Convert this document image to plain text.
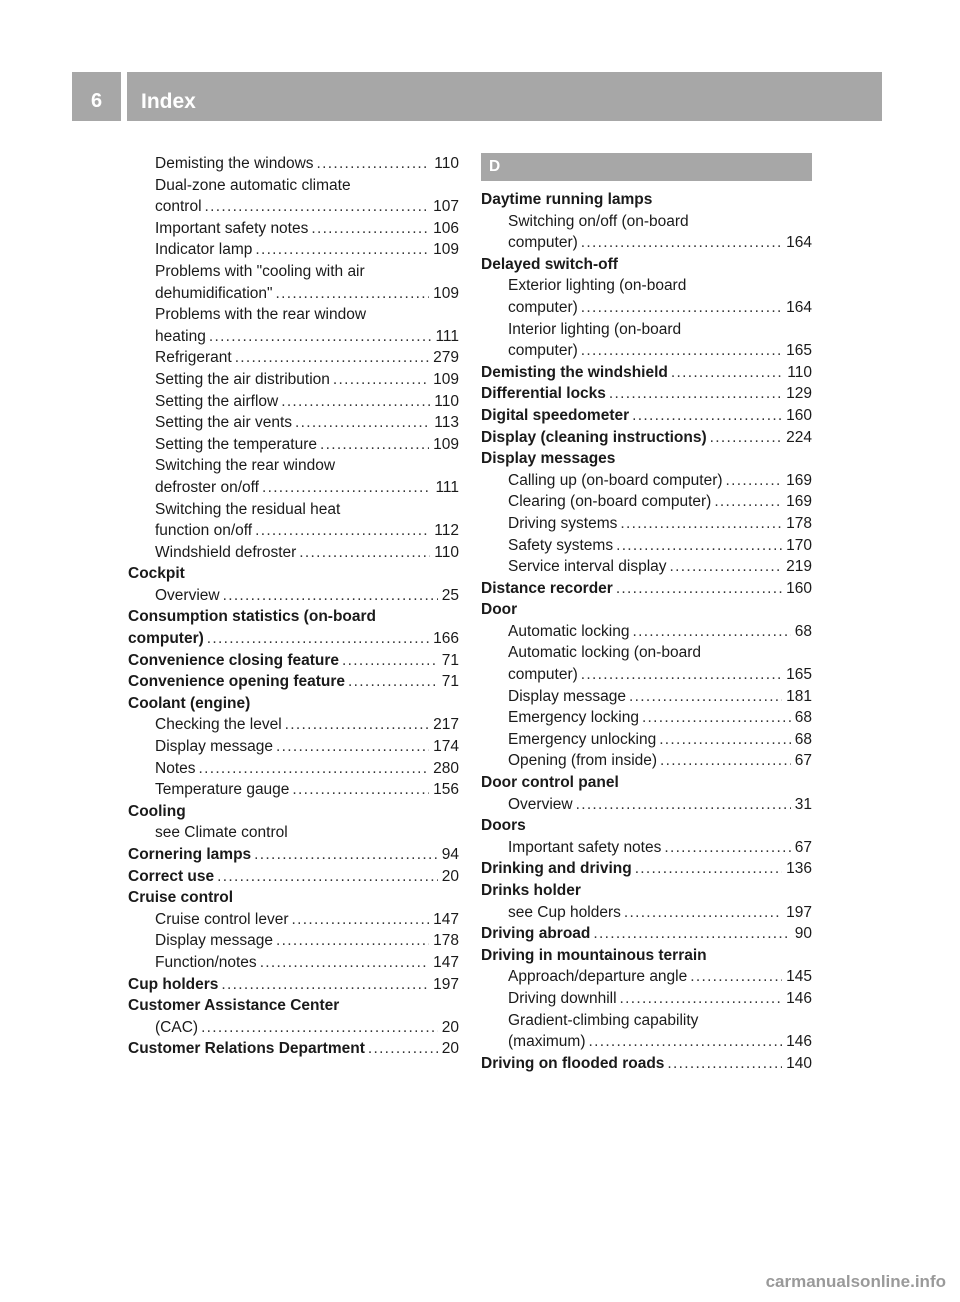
6	Index
Demisting the windows .....	110
Dual-zone automatic climate
control .....	107
Important safety notes .....	106
Indicator lamp .....	109
Problems with "cooling with air
dehumidification" .....	109
Problems with the rear window
heating .....	111
Refrigerant .....	279
Setting the air distribution .....	109
Setting the airflow .....	110
Setting the air vents .....	113
Setting the temperature .....	109
Switching the rear window
defroster on/off .....	111
Switching the residual heat
function on/off .....	112
Windshield defroster .....	110
Cockpit
Overview .....	25
Consumption statistics (on-board
computer) .....	166
Convenience closing feature .....	71
Convenience opening feature .....	71
Coolant (engine)
Checking the level .....	217
Display message .....	174
Notes .....	280
Temperature gauge .....	156
Cooling
see Climate control
Cornering lamps .....	94
Correct use .....	20
Cruise control
Cruise control lever .....	147
Display message .....	178
Function/notes .....	147
Cup holders .....	197
Customer Assistance Center
(CAC) .....	20
Customer Relations Department .....	20
D
Daytime running lamps
Switching on/off (on-board
computer) .....	164
Delayed switch-off
Exterior lighting (on-board
computer) .....	164
Interior lighting (on-board
computer) .....	165
Demisting the windshield .....	110
Differential locks .....	129
Digital speedometer .....	160
Display (cleaning instructions) .....	224
Display messages
Calling up (on-board computer) .....	169
Clearing (on-board computer) .....	169
Driving systems .....	178
Safety systems .....	170
Service interval display .....	219
Distance recorder .....	160
Door
Automatic locking .....	68
Automatic locking (on-board
computer) .....	165
Display message .....	181
Emergency locking .....	68
Emergency unlocking .....	68
Opening (from inside) .....	67
Door control panel
Overview .....	31
Doors
Important safety notes .....	67
Drinking and driving .....	136
Drinks holder
see Cup holders .....	197
Driving abroad .....	90
Driving in mountainous terrain
Approach/departure angle .....	145
Driving downhill .....	146
Gradient-climbing capability
(maximum) .....	146
Driving on flooded roads .....	140
carmanualsonline.info
